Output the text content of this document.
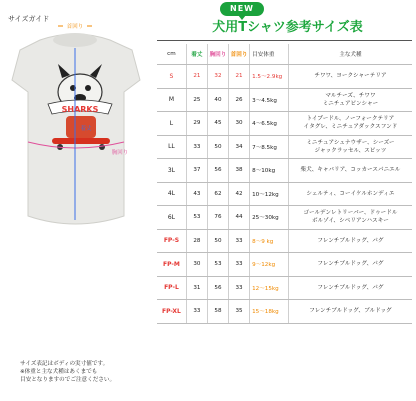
サイズガイド
首回り
SHARKS
胸回り
着丈
サイズ表記はボディの実寸値です。
※体重と主な犬種はあくまでも
目安となりますのでご注意ください。
NEW
犬用Tシャツ参考サイズ表
cm	着丈	胸回り	首回り	目安体重	主な犬種
S	21	32	21	1.5〜2.9kg	チワワ、ヨークシャーテリア

M	25	40	26	3〜4.5kg	マルチーズ、チワワ
ミニチュアピンシャー

L	29	45	30	4〜6.5kg	トイプードル、ノーフォークテリア
イタグレ、ミニチュアダックスフンド

LL	33	50	34	7〜8.5kg	ミニチュアシュナウザー、シーズー
ジャックラッセル、スピッツ

3L	37	56	38	8〜10kg	柴犬、キャバリア、コッカースパニエル

4L	43	62	42	10〜12kg	シェルティ、コーイケルホンディエ

6L	53	76	44	25〜30kg	ゴールデンレトリーバー、ドゥードル
ボルゾイ、シベリアンハスキー

FP-S	28	50	33	8〜9 kg	フレンチブルドッグ、パグ

FP-M	30	53	33	9〜12kg	フレンチブルドッグ、パグ

FP-L	31	56	33	12〜15kg	フレンチブルドッグ、パグ

FP-XL	33	58	35	15〜18kg	フレンチブルドッグ、ブルドッグ
